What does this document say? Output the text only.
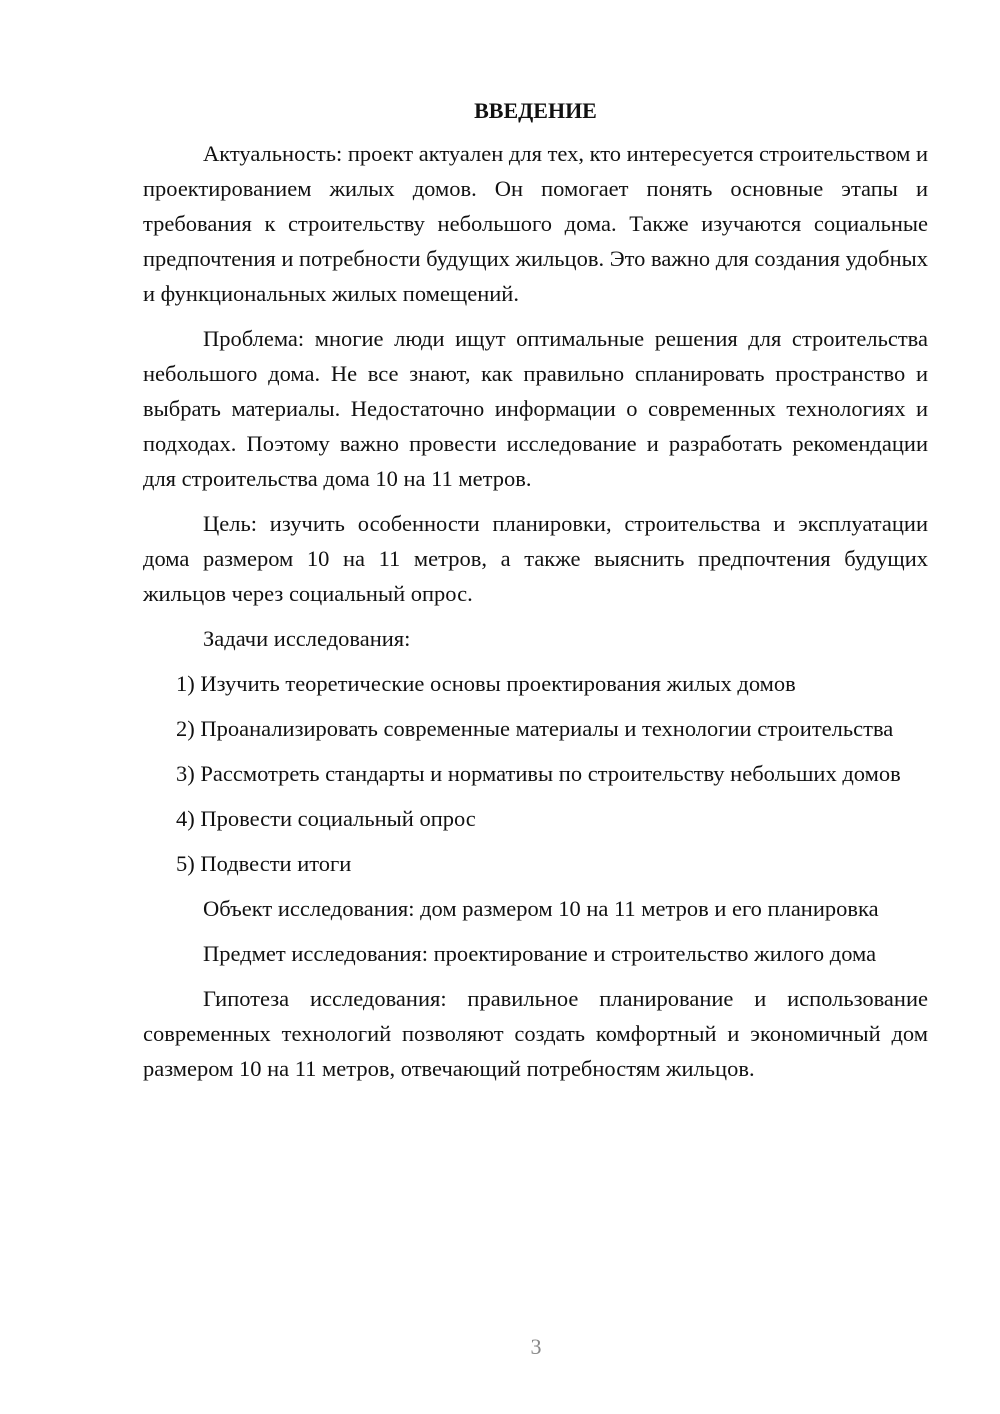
ВВЕДЕНИЕ

Актуальность: проект актуален для тех, кто интересуется строительством и проектированием жилых домов. Он помогает понять основные этапы и требования к строительству небольшого дома. Также изучаются социальные предпочтения и потребности будущих жильцов. Это важно для создания удобных и функциональных жилых помещений.

Проблема: многие люди ищут оптимальные решения для строительства небольшого дома. Не все знают, как правильно спланировать пространство и выбрать материалы. Недостаточно информации о современных технологиях и подходах. Поэтому важно провести исследование и разработать рекомендации для строительства дома 10 на 11 метров.

Цель: изучить особенности планировки, строительства и эксплуатации дома размером 10 на 11 метров, а также выяснить предпочтения будущих жильцов через социальный опрос.

Задачи исследования:

1) Изучить теоретические основы проектирования жилых домов

2) Проанализировать современные материалы и технологии строительства

3) Рассмотреть стандарты и нормативы по строительству небольших домов

4) Провести социальный опрос

5) Подвести итоги

Объект исследования: дом размером 10 на 11 метров и его планировка

Предмет исследования: проектирование и строительство жилого дома

Гипотеза исследования: правильное планирование и использование современных технологий позволяют создать комфортный и экономичный дом размером 10 на 11 метров, отвечающий потребностям жильцов.

3
